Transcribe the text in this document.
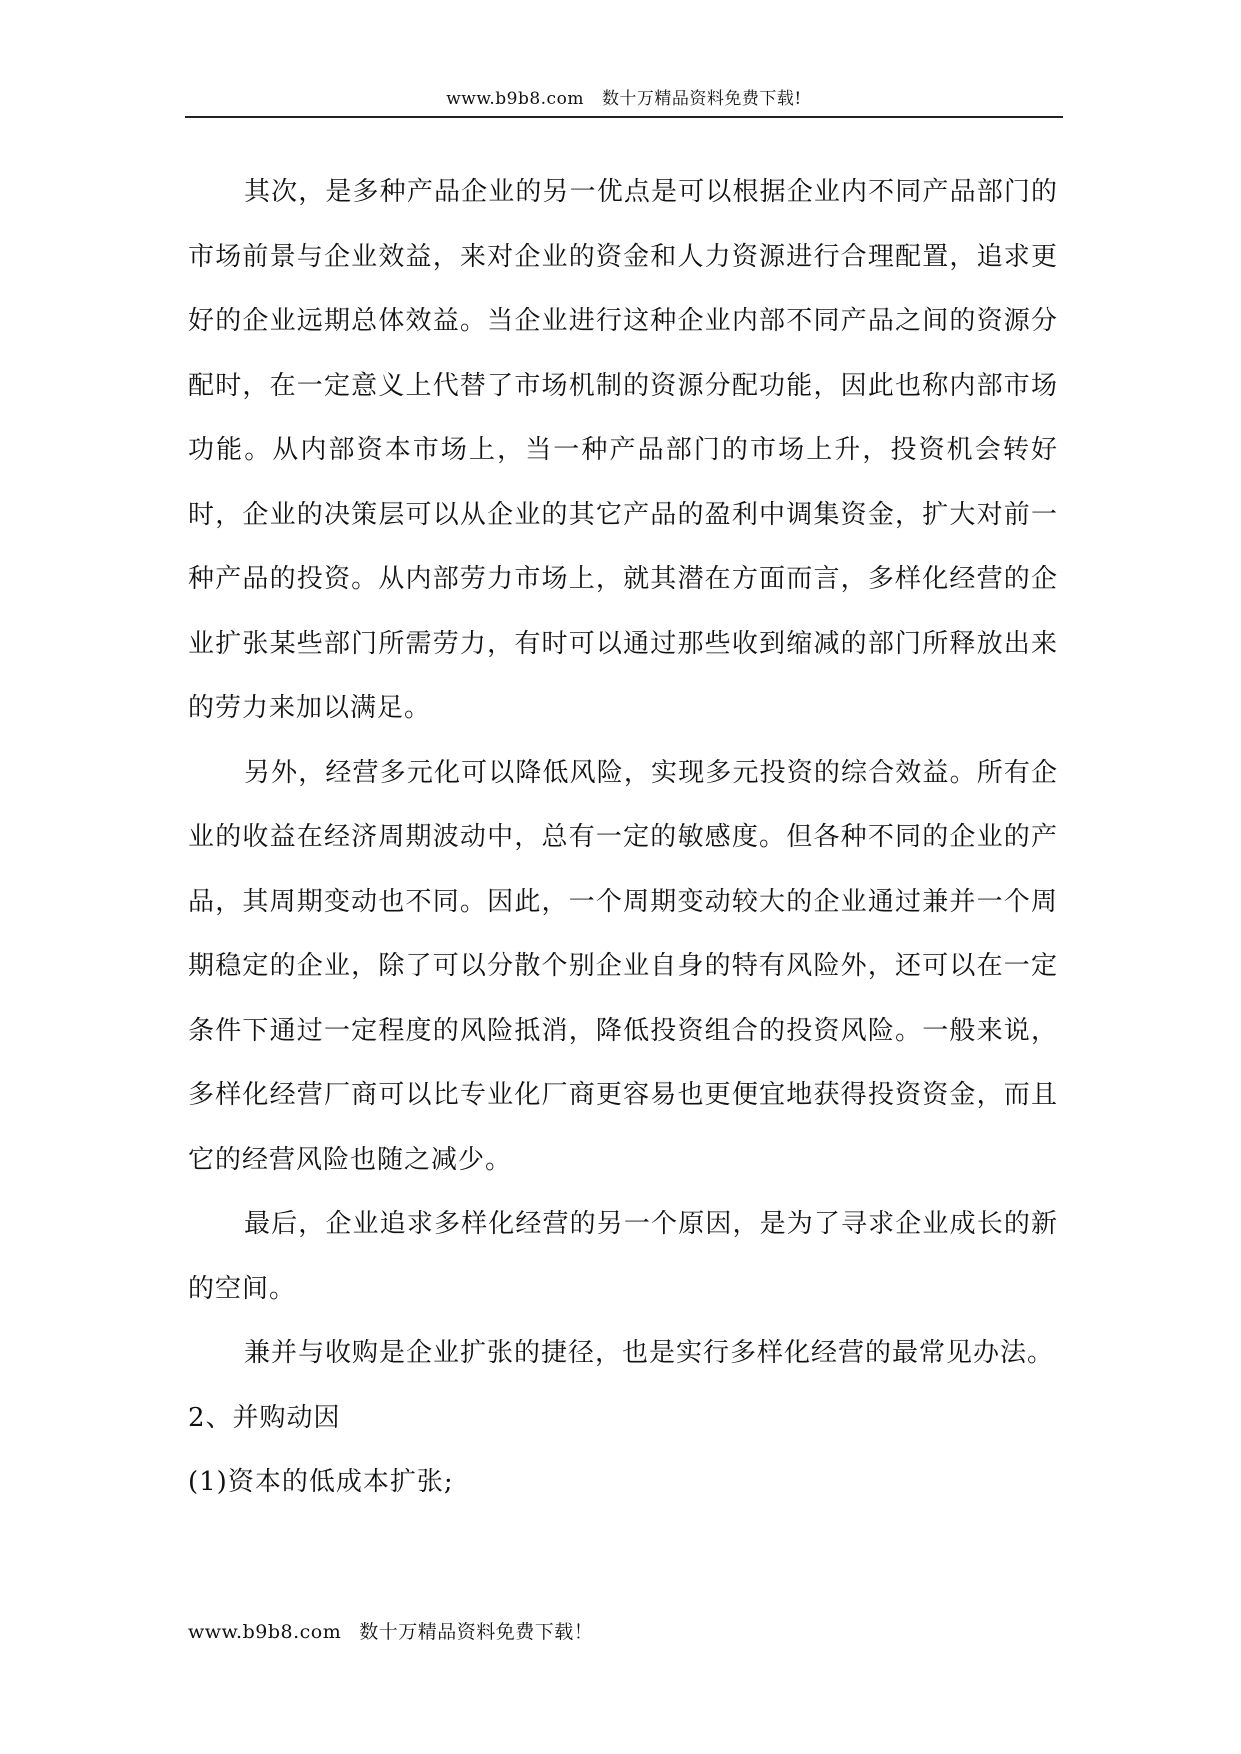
www.b9b8.com 数十万精品资料免费下载!

其次，是多种产品企业的另一优点是可以根据企业内不同产品部门的市场前景与企业效益，来对企业的资金和人力资源进行合理配置，追求更好的企业远期总体效益。当企业进行这种企业内部不同产品之间的资源分配时，在一定意义上代替了市场机制的资源分配功能，因此也称内部市场功能。从内部资本市场上，当一种产品部门的市场上升，投资机会转好时，企业的决策层可以从企业的其它产品的盈利中调集资金，扩大对前一种产品的投资。从内部劳力市场上，就其潜在方面而言，多样化经营的企业扩张某些部门所需劳力，有时可以通过那些收到缩减的部门所释放出来的劳力来加以满足。

另外，经营多元化可以降低风险，实现多元投资的综合效益。所有企业的收益在经济周期波动中，总有一定的敏感度。但各种不同的企业的产品，其周期变动也不同。因此，一个周期变动较大的企业通过兼并一个周期稳定的企业，除了可以分散个别企业自身的特有风险外，还可以在一定条件下通过一定程度的风险抵消，降低投资组合的投资风险。一般来说，多样化经营厂商可以比专业化厂商更容易也更便宜地获得投资资金，而且它的经营风险也随之减少。

最后，企业追求多样化经营的另一个原因，是为了寻求企业成长的新的空间。

兼并与收购是企业扩张的捷径，也是实行多样化经营的最常见办法。

2、并购动因

(1)资本的低成本扩张;

www.b9b8.com 数十万精品资料免费下载！
